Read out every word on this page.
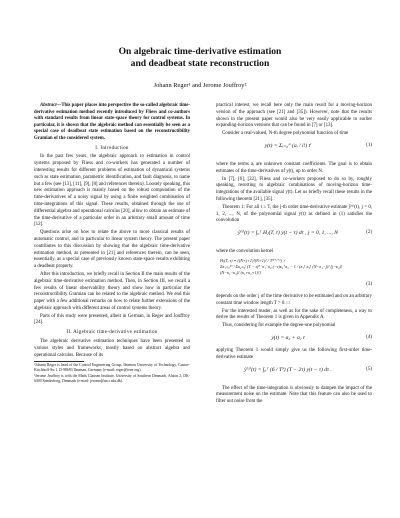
On algebraic time-derivative estimation
and deadbeat state reconstruction
Johann Reger¹ and Jerome Jouffroy²

Abstract—This paper places into perspective the so-called algebraic time-derivative estimation method recently introduced by Fliess and co-authors with standard results from linear state-space theory for control systems. In particular, it is shown that the algebraic method can essentially be seen as a special case of deadbeat state estimation based on the reconstructibility Gramian of the considered system.

I. Introduction

In the past few years, the algebraic approach to estimation in control systems proposed by Fliess and co-workers has generated a number of interesting results for different problems of estimation of dynamical systems such as state estimation, parametric identification, and fault diagnosis, to name but a few (see [13], [11], [9], [8] and references therein). Loosely speaking, this new estimation approach is mainly based on the robust computation of the time-derivatives of a noisy signal by using a finite weighted combination of time-integrations of this signal. These results, obtained through the use of differential algebra and operational calculus [20], allow to obtain an estimate of the time-derivative of a particular order in an arbitrary small amount of time [12].

Questions arise on how to relate the above to more classical results of automatic control, and in particular to linear system theory. The present paper contributes to this discussion by showing that the algebraic time-derivative estimation method, as presented in [21] and references therein, can be seen, essentially, as a special case of previously known state-space results exhibiting a deadbeat property.

After this introduction, we briefly recall in Section II the main results of the algebraic time-derivative estimation method. Then, in Section III, we recall a few results of linear observability theory and show how in particular the reconstructibility Gramian can be related to the algebraic method. We end this paper with a few additional remarks on how to relate further extensions of the algebraic approach with different areas of control systems theory.

Parts of this study were presented, albeit in German, in Reger and Jouffroy [24].

II. Algebraic time-derivative estimation

The algebraic derivative estimation techniques have been presented in various styles and frameworks, mostly based on abstract algebra and operational calculus. Because of its

¹Johann Reger is head of the Control Engineering Group, Ilmenau University of Technology, Gustav-Kirchhoff-Str.1, D-98693 Ilmenau, Germany (e-mail: reger@ieee.org).

²Jerome Jouffroy is with the Mads Clausen Institute, University of Southern Denmark, Alsion 2, DK-6400 Sønderborg, Denmark (e-mail: jerome@mci.sdu.dk).

practical interest, we recall here only the main result for a moving-horizon version of the approach (see [21] and [35]). However, note that the results shown in the present paper would also be very easily applicable to earlier expanding-horizon versions that can be found in [7] or [13].

Consider a real-valued, N-th degree polynomial function of time

y(t) = Σᵢ₌₀ᴺ (aᵢ / i!) tⁱ	(1)

where the terms aᵢ are unknown constant coefficients. The goal is to obtain estimates of the time-derivatives of y(t), up to order N.

In [7], [6], [22], Fliess and co-workers proposed to do so by, roughly speaking, resorting to algebraic combinations of moving-horizon time-integrations of the available signal y(t). Let us briefly recall these results in the following theorem [21], [35].

Theorem 1: For all t ≥ T, the j-th order time-derivative estimate ŷ⁽ʲ⁾(t), j = 0, 1, 2, ..., N, of the polynomial signal y(t) as defined in (1) satisfies the convolution

ŷ⁽ʲ⁾(t) = ∫₀ᵀ Hⱼ(T, τ) y(t − τ) dτ , j = 0, 1, ..., N	(2)

where the convolution kernel

Hⱼ(T, τ) = ((N+j+1)!(N+1)! / Tᴺ⁺ʲ⁺¹) ×
Σκ₁₌₀ᴺ⁻ʲ Σκ₂₌₀ʲ (T − τ)ᴺ⁻κ₁⁻κ₂ (−τ)κ₁⁺κ₂ − 1 / (κ₁! κ₂! (N−κ₁−j)! (j−κ₂)! (N−κ₁−κ₂)! (κ₁+κ₂+1)!)
(3)

depends on the order j of the time derivative to be estimated and on an arbitrary constant time window length T > 0. □

For the interested reader, as well as for the sake of completeness, a way to derive the results of Theorem 1 is given in Appendix A.

Thus, considering for example the degree-one polynomial

y(t) = a₀ + a₁ t	(4)

applying Theorem 1 would simply give us the following first-order time-derivative estimate

ŷ⁽¹⁾(t) = ∫₀ᵀ (6 / T³) (T − 2τ) y(t − τ) dτ .	(5)

The effect of the time-integration is obviously to dampen the impact of the measurement noise on the estimate. Note that this feature can also be used to filter out noise from the
